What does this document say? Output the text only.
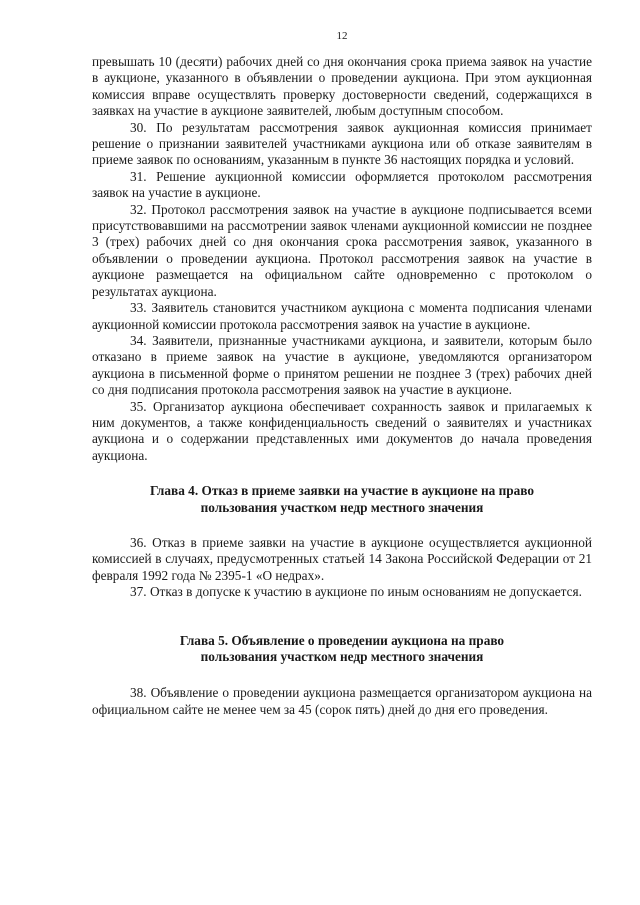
12

превышать 10 (десяти) рабочих дней со дня окончания срока приема заявок на участие в аукционе, указанного в объявлении о проведении аукциона. При этом аукционная комиссия вправе осуществлять проверку достоверности сведений, содержащихся в заявках на участие в аукционе заявителей, любым доступным способом.

30. По результатам рассмотрения заявок аукционная комиссия принимает решение о признании заявителей участниками аукциона или об отказе заявителям в приеме заявок по основаниям, указанным в пункте 36 настоящих порядка и условий.

31. Решение аукционной комиссии оформляется протоколом рассмотрения заявок на участие в аукционе.

32. Протокол рассмотрения заявок на участие в аукционе подписывается всеми присутствовавшими на рассмотрении заявок членами аукционной комиссии не позднее 3 (трех) рабочих дней со дня окончания срока рассмотрения заявок, указанного в объявлении о проведении аукциона. Протокол рассмотрения заявок на участие в аукционе размещается на официальном сайте одновременно с протоколом о результатах аукциона.

33. Заявитель становится участником аукциона с момента подписания членами аукционной комиссии протокола рассмотрения заявок на участие в аукционе.

34. Заявители, признанные участниками аукциона, и заявители, которым было отказано в приеме заявок на участие в аукционе, уведомляются организатором аукциона в письменной форме о принятом решении не позднее 3 (трех) рабочих дней со дня подписания протокола рассмотрения заявок на участие в аукционе.

35. Организатор аукциона обеспечивает сохранность заявок и прилагаемых к ним документов, а также конфиденциальность сведений о заявителях и участниках аукциона и о содержании представленных ими документов до начала проведения аукциона.

Глава 4. Отказ в приеме заявки на участие в аукционе на право
пользования участком недр местного значения

36. Отказ в приеме заявки на участие в аукционе осуществляется аукционной комиссией в случаях, предусмотренных статьей 14 Закона Российской Федерации от 21 февраля 1992 года № 2395-1 «О недрах».

37. Отказ в допуске к участию в аукционе по иным основаниям не допускается.

Глава 5. Объявление о проведении аукциона на право
пользования участком недр местного значения

38. Объявление о проведении аукциона размещается организатором аукциона на официальном сайте не менее чем за 45 (сорок пять) дней до дня его проведения.
